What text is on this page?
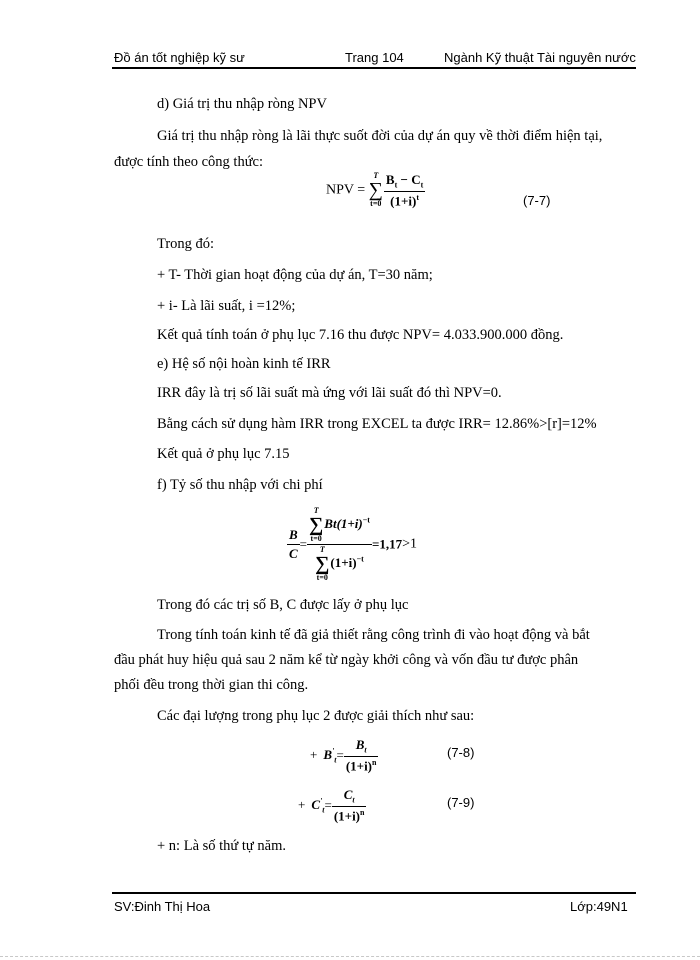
Đồ án tốt nghiệp kỹ sư	Trang 104	Ngành Kỹ thuật Tài nguyên nước
d) Giá trị thu nhập ròng NPV
Giá trị thu nhập ròng là lãi thực suốt đời của dự án quy về thời điểm hiện tại,
được tính theo công thức:
NPV =
T
∑
$t=0 \frac{B_t - C_t}{(1+i)^t}$	(7-7)
Trong đó:
+ T- Thời gian hoạt động của dự án, T=30 năm;
+ i- Là lãi suất, i =12%;
Kết quả tính toán ở phụ lục 7.16 thu được NPV= 4.033.900.000 đồng.
e) Hệ số nội hoàn kinh tế IRR
IRR đây là trị số lãi suất mà ứng với lãi suất đó thì NPV=0.
Bằng cách sử dụng hàm IRR trong EXCEL ta được IRR= 12.86%>[r]=12%
Kết quả ở phụ lục 7.15
f) Tỷ số thu nhập với chi phí
$\frac{B}{C} = T$
∑
t=0
$Bt(1+i)^{-t}$
T
∑
t=0
$(1+i)^{-t} =1,17>1$
Trong đó các trị số B, C được lấy ở phụ lục
Trong tính toán kinh tế đã giả thiết rằng công trình đi vào hoạt động và bắt
đầu phát huy hiệu quả sau 2 năm kể từ ngày khởi công và vốn đầu tư được phân
phối đều trong thời gian thi công.
Các đại lượng trong phụ lục 2 được giải thích như sau:
+ $B'_t= \frac{B_t}{(1+i)^n}$	(7-8)
+ $C'_t= \frac{C_t}{(1+i)^n}$	(7-9)
+ n: Là số thứ tự năm.
SV:Đinh Thị Hoa	Lớp:49N1
